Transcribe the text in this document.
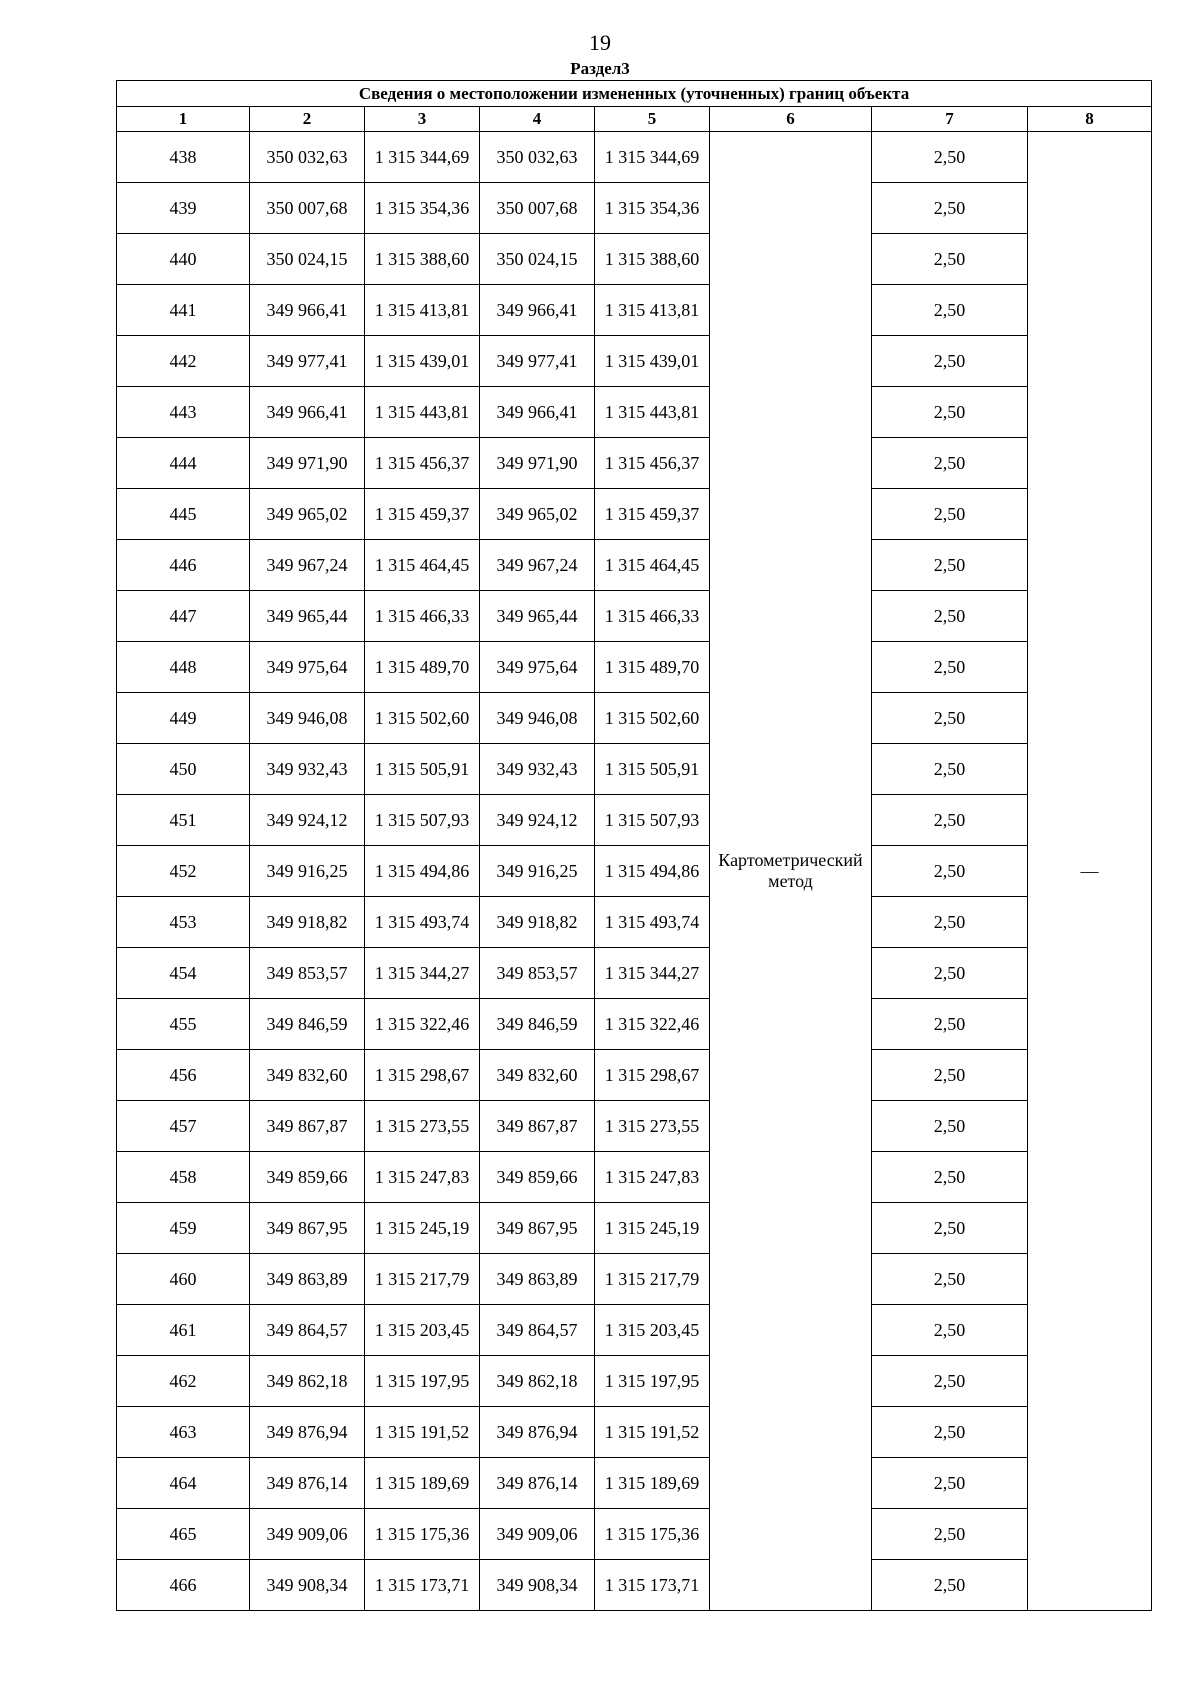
19
Раздел3
Сведения о местоположении измененных (уточненных) границ объекта							
1	2	3	4	5	6	7	8
438	350 032,63	1 315 344,69	350 032,63	1 315 344,69	Картометрический метод	2,50	—
439	350 007,68	1 315 354,36	350 007,68	1 315 354,36		2,50	
440	350 024,15	1 315 388,60	350 024,15	1 315 388,60		2,50	
441	349 966,41	1 315 413,81	349 966,41	1 315 413,81		2,50	
442	349 977,41	1 315 439,01	349 977,41	1 315 439,01		2,50	
443	349 966,41	1 315 443,81	349 966,41	1 315 443,81		2,50	
444	349 971,90	1 315 456,37	349 971,90	1 315 456,37		2,50	
445	349 965,02	1 315 459,37	349 965,02	1 315 459,37		2,50	
446	349 967,24	1 315 464,45	349 967,24	1 315 464,45		2,50	
447	349 965,44	1 315 466,33	349 965,44	1 315 466,33		2,50	
448	349 975,64	1 315 489,70	349 975,64	1 315 489,70		2,50	
449	349 946,08	1 315 502,60	349 946,08	1 315 502,60		2,50	
450	349 932,43	1 315 505,91	349 932,43	1 315 505,91		2,50	
451	349 924,12	1 315 507,93	349 924,12	1 315 507,93		2,50	
452	349 916,25	1 315 494,86	349 916,25	1 315 494,86		2,50	
453	349 918,82	1 315 493,74	349 918,82	1 315 493,74		2,50	
454	349 853,57	1 315 344,27	349 853,57	1 315 344,27		2,50	
455	349 846,59	1 315 322,46	349 846,59	1 315 322,46		2,50	
456	349 832,60	1 315 298,67	349 832,60	1 315 298,67		2,50	
457	349 867,87	1 315 273,55	349 867,87	1 315 273,55		2,50	
458	349 859,66	1 315 247,83	349 859,66	1 315 247,83		2,50	
459	349 867,95	1 315 245,19	349 867,95	1 315 245,19		2,50	
460	349 863,89	1 315 217,79	349 863,89	1 315 217,79		2,50	
461	349 864,57	1 315 203,45	349 864,57	1 315 203,45		2,50	
462	349 862,18	1 315 197,95	349 862,18	1 315 197,95		2,50	
463	349 876,94	1 315 191,52	349 876,94	1 315 191,52		2,50	
464	349 876,14	1 315 189,69	349 876,14	1 315 189,69		2,50	
465	349 909,06	1 315 175,36	349 909,06	1 315 175,36		2,50	
466	349 908,34	1 315 173,71	349 908,34	1 315 173,71		2,50	
